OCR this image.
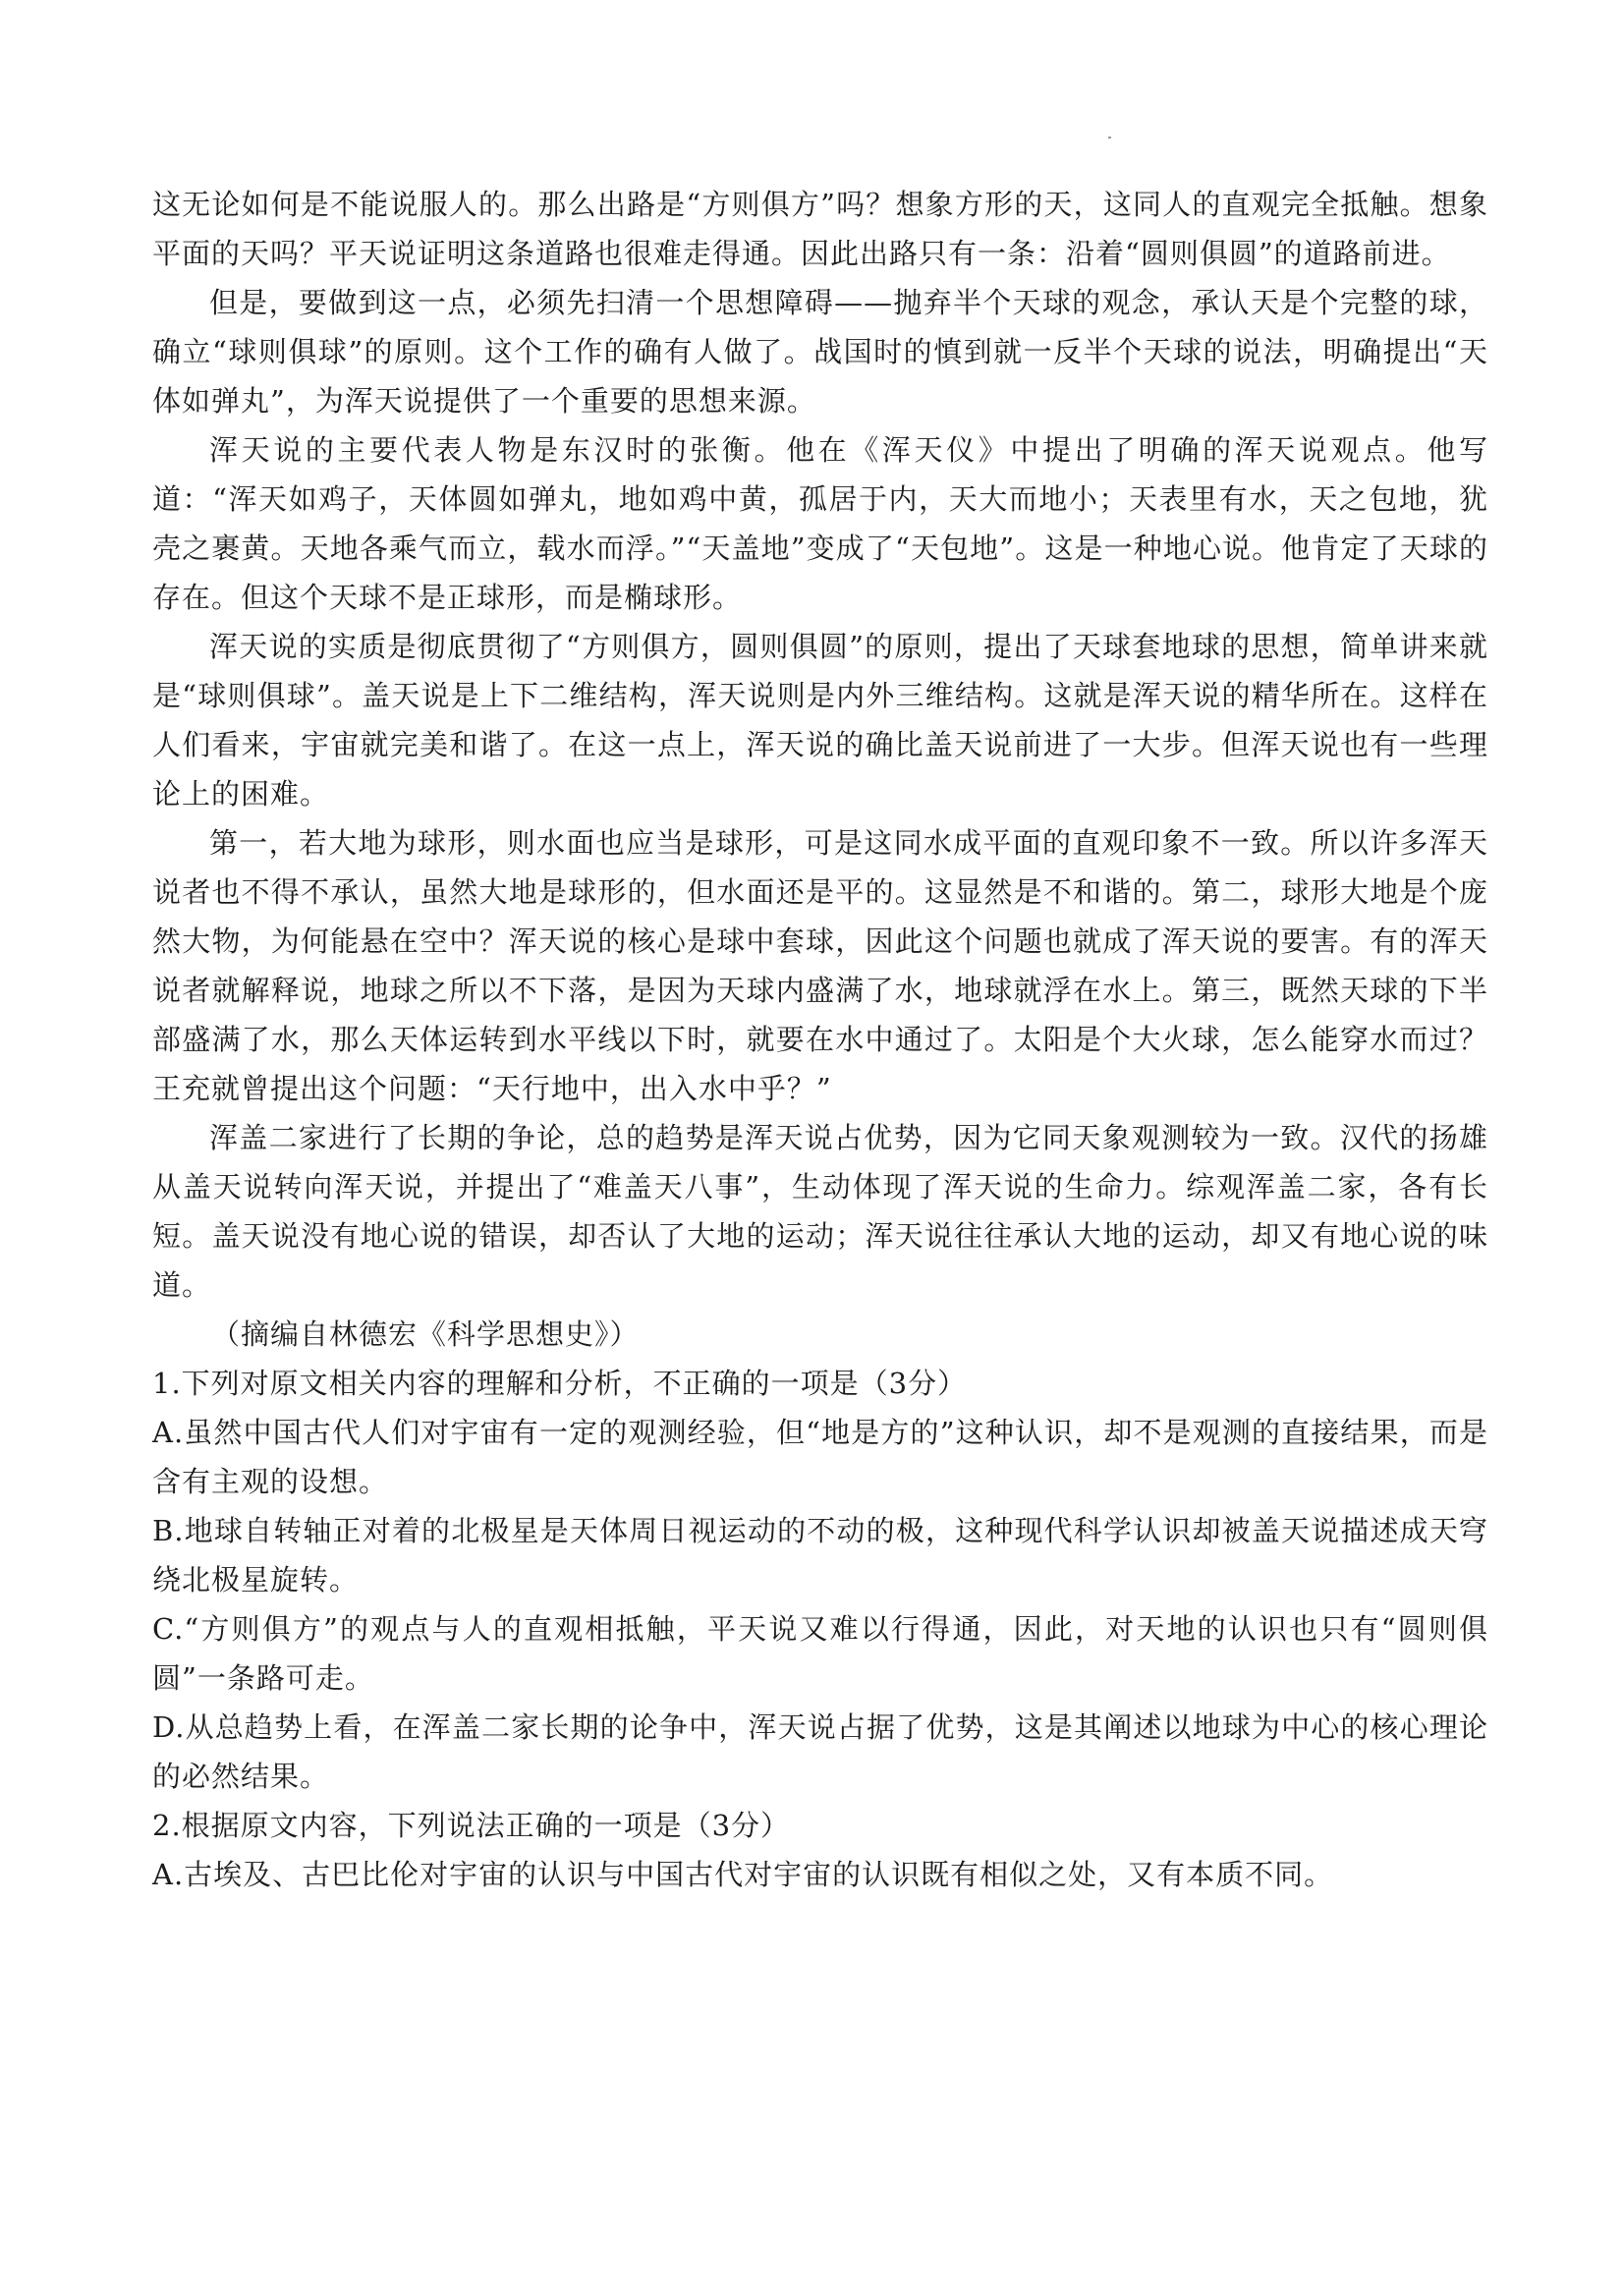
这无论如何是不能说服人的。那么出路是“方则俱方”吗？想象方形的天，这同人的直观完全抵触。想象平面的天吗？平天说证明这条道路也很难走得通。因此出路只有一条：沿着“圆则俱圆”的道路前进。

但是，要做到这一点，必须先扫清一个思想障碍——抛弃半个天球的观念，承认天是个完整的球，确立“球则俱球”的原则。这个工作的确有人做了。战国时的慎到就一反半个天球的说法，明确提出“天体如弹丸”，为浑天说提供了一个重要的思想来源。

浑天说的主要代表人物是东汉时的张衡。他在《浑天仪》中提出了明确的浑天说观点。他写道：“浑天如鸡子，天体圆如弹丸，地如鸡中黄，孤居于内，天大而地小；天表里有水，天之包地，犹壳之裹黄。天地各乘气而立，载水而浮。”“天盖地”变成了“天包地”。这是一种地心说。他肯定了天球的存在。但这个天球不是正球形，而是椭球形。

浑天说的实质是彻底贯彻了“方则俱方，圆则俱圆”的原则，提出了天球套地球的思想，简单讲来就是“球则俱球”。盖天说是上下二维结构，浑天说则是内外三维结构。这就是浑天说的精华所在。这样在人们看来，宇宙就完美和谐了。在这一点上，浑天说的确比盖天说前进了一大步。但浑天说也有一些理论上的困难。

第一，若大地为球形，则水面也应当是球形，可是这同水成平面的直观印象不一致。所以许多浑天说者也不得不承认，虽然大地是球形的，但水面还是平的。这显然是不和谐的。第二，球形大地是个庞然大物，为何能悬在空中？浑天说的核心是球中套球，因此这个问题也就成了浑天说的要害。有的浑天说者就解释说，地球之所以不下落，是因为天球内盛满了水，地球就浮在水上。第三，既然天球的下半部盛满了水，那么天体运转到水平线以下时，就要在水中通过了。太阳是个大火球，怎么能穿水而过？王充就曾提出这个问题：“天行地中，出入水中乎？”

浑盖二家进行了长期的争论，总的趋势是浑天说占优势，因为它同天象观测较为一致。汉代的扬雄从盖天说转向浑天说，并提出了“难盖天八事”，生动体现了浑天说的生命力。综观浑盖二家，各有长短。盖天说没有地心说的错误，却否认了大地的运动；浑天说往往承认大地的运动，却又有地心说的味道。

（摘编自林德宏《科学思想史》）

1.下列对原文相关内容的理解和分析，不正确的一项是（3分）

A.虽然中国古代人们对宇宙有一定的观测经验，但“地是方的”这种认识，却不是观测的直接结果，而是含有主观的设想。

B.地球自转轴正对着的北极星是天体周日视运动的不动的极，这种现代科学认识却被盖天说描述成天穹绕北极星旋转。

C.“方则俱方”的观点与人的直观相抵触，平天说又难以行得通，因此，对天地的认识也只有“圆则俱圆”一条路可走。

D.从总趋势上看，在浑盖二家长期的论争中，浑天说占据了优势，这是其阐述以地球为中心的核心理论的必然结果。

2.根据原文内容，下列说法正确的一项是（3分）

A.古埃及、古巴比伦对宇宙的认识与中国古代对宇宙的认识既有相似之处，又有本质不同。
